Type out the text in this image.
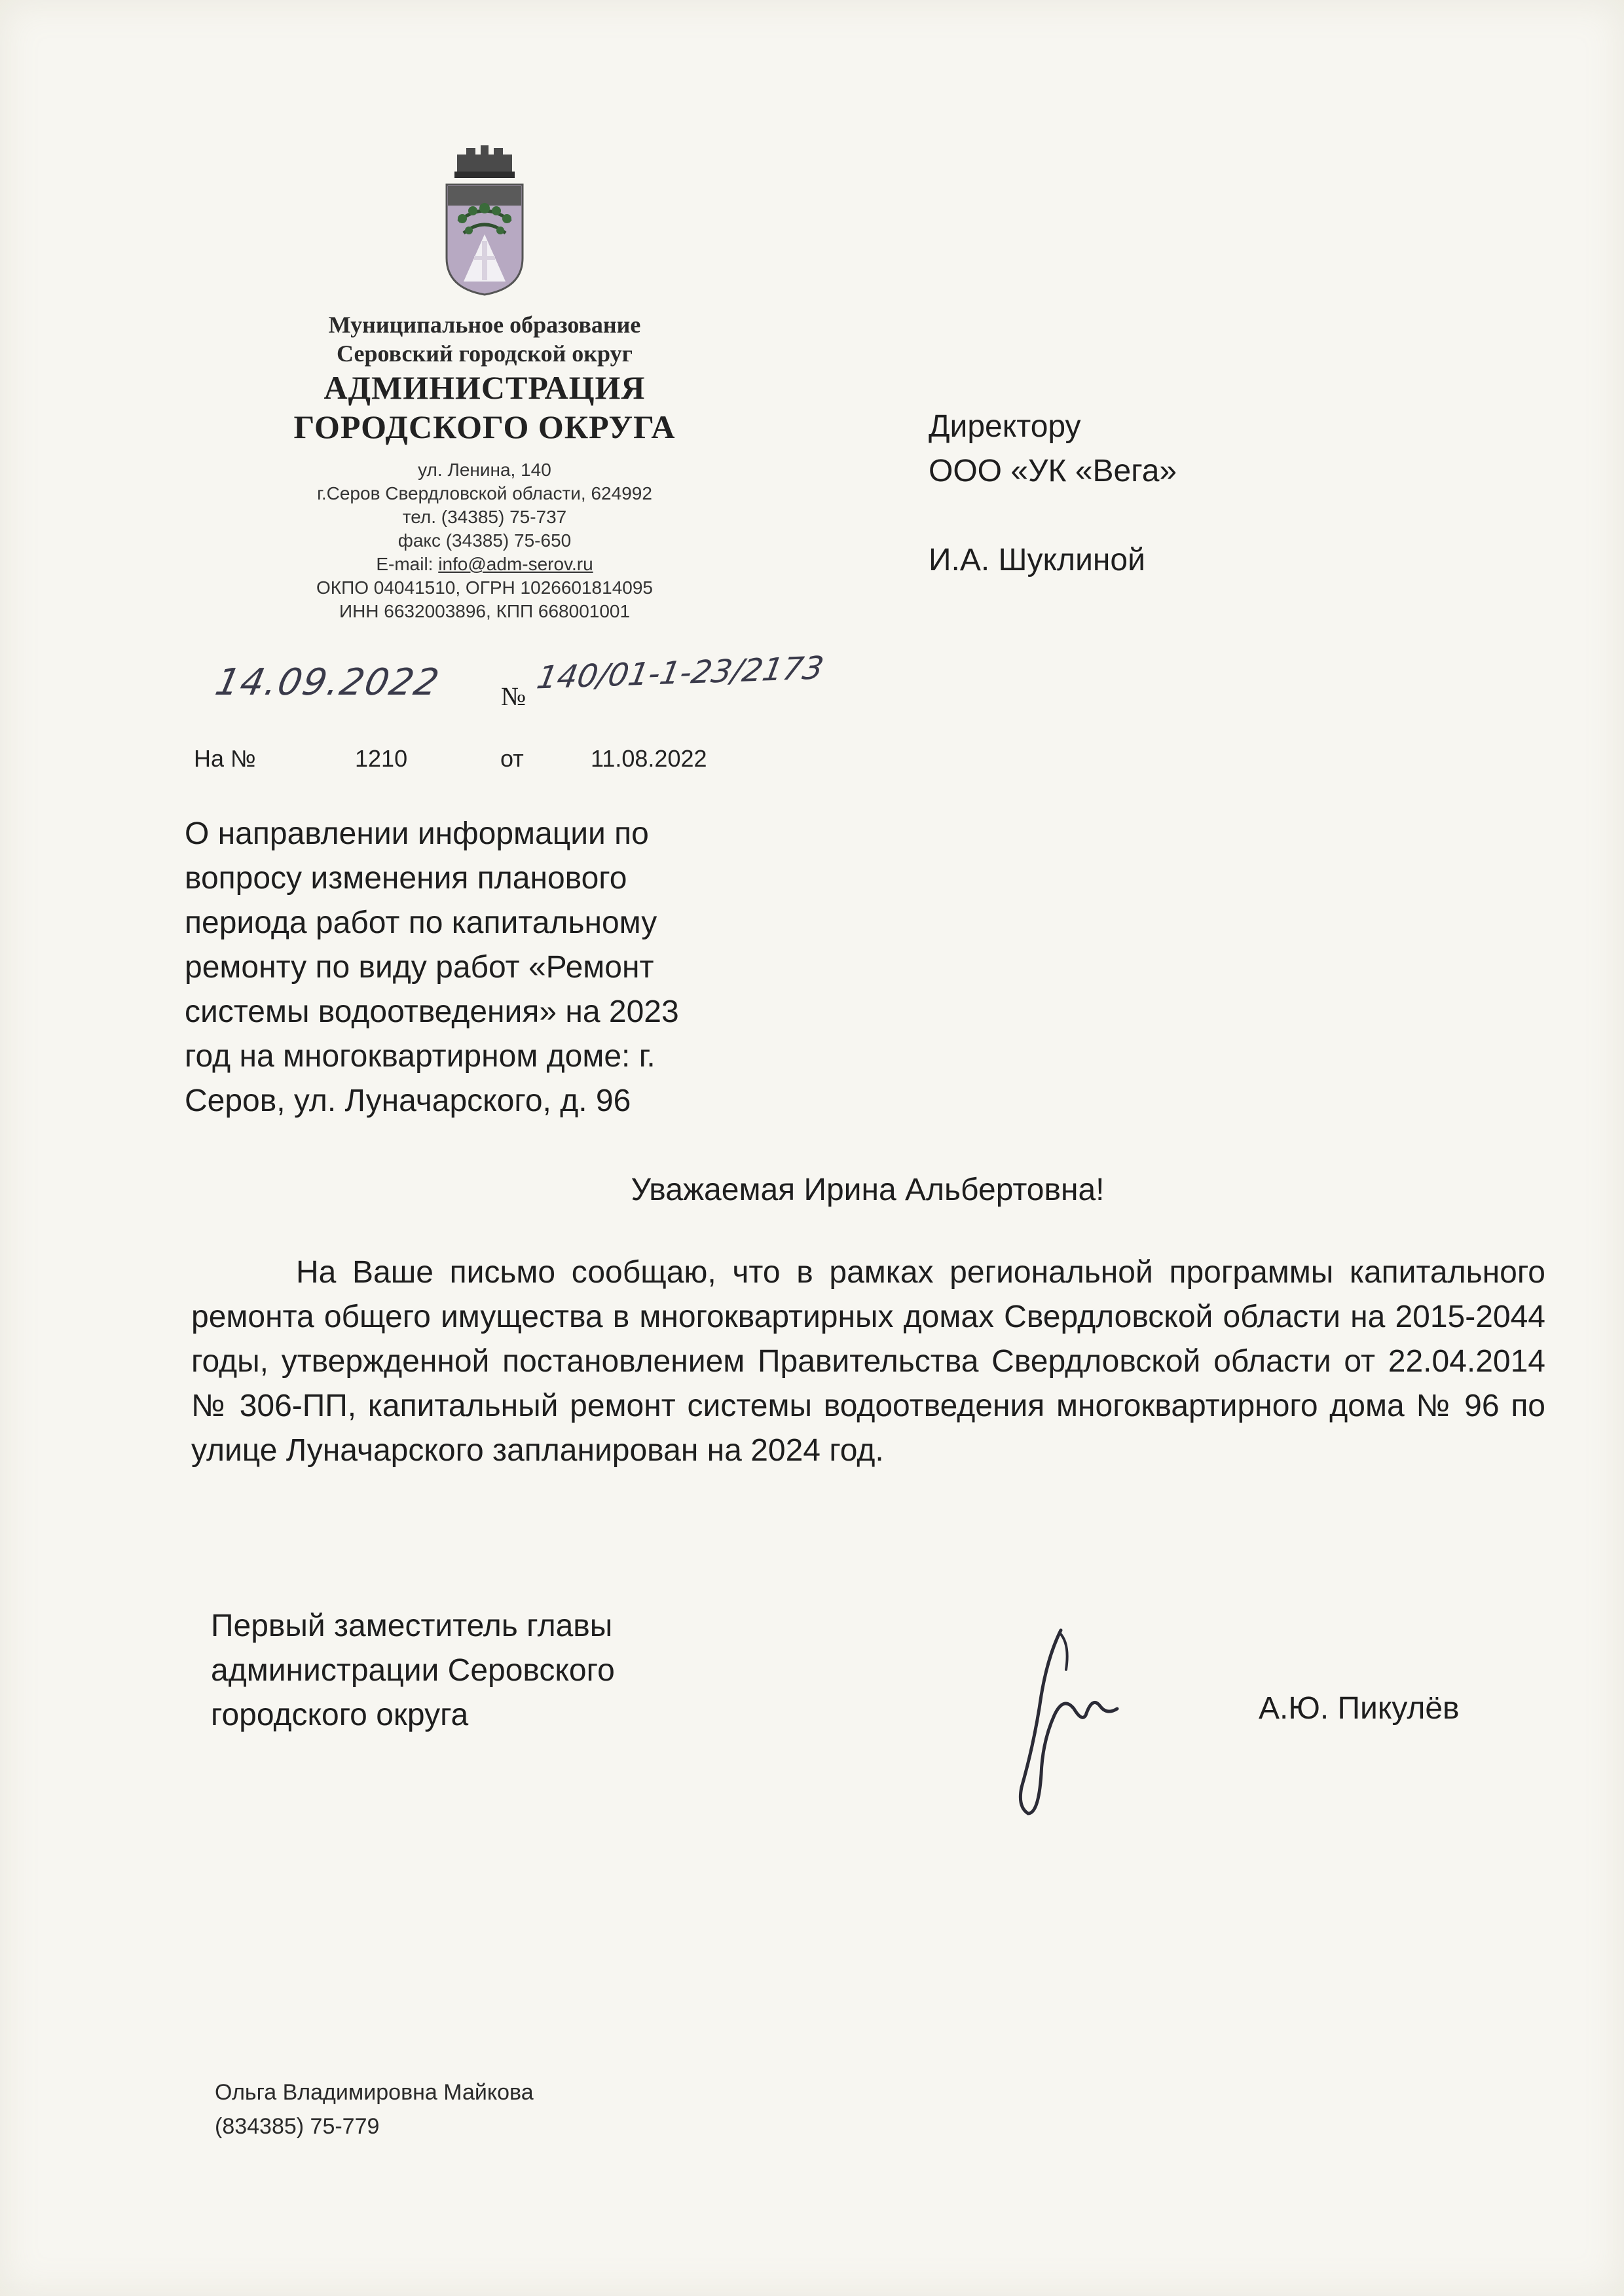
Муниципальное образование
Серовский городской округ
АДМИНИСТРАЦИЯ
ГОРОДСКОГО ОКРУГА
ул. Ленина, 140
г.Серов Свердловской области, 624992
тел. (34385) 75-737
факс (34385) 75-650
E-mail: info@adm-serov.ru
ОКПО 04041510, ОГРН 1026601814095
ИНН 6632003896, КПП 668001001
14.09.2022 № 140/01-1-23/2173
На №	1210	от	11.08.2022
Директору
ООО «УК «Вега»
И.А. Шуклиной
О направлении информации по вопросу изменения планового периода работ по капитальному ремонту по виду работ «Ремонт системы водоотведения» на 2023 год на многоквартирном доме: г. Серов, ул. Луначарского, д. 96
Уважаемая Ирина Альбертовна!
На Ваше письмо сообщаю, что в рамках региональной программы капитального ремонта общего имущества в многоквартирных домах Свердловской области на 2015-2044 годы, утвержденной постановлением Правительства Свердловской области от 22.04.2014 № 306-ПП, капитальный ремонт системы водоотведения многоквартирного дома № 96 по улице Луначарского запланирован на 2024 год.
Первый заместитель главы
администрации Серовского
городского округа	А.Ю. Пикулёв
Ольга Владимировна Майкова
(834385) 75-779
